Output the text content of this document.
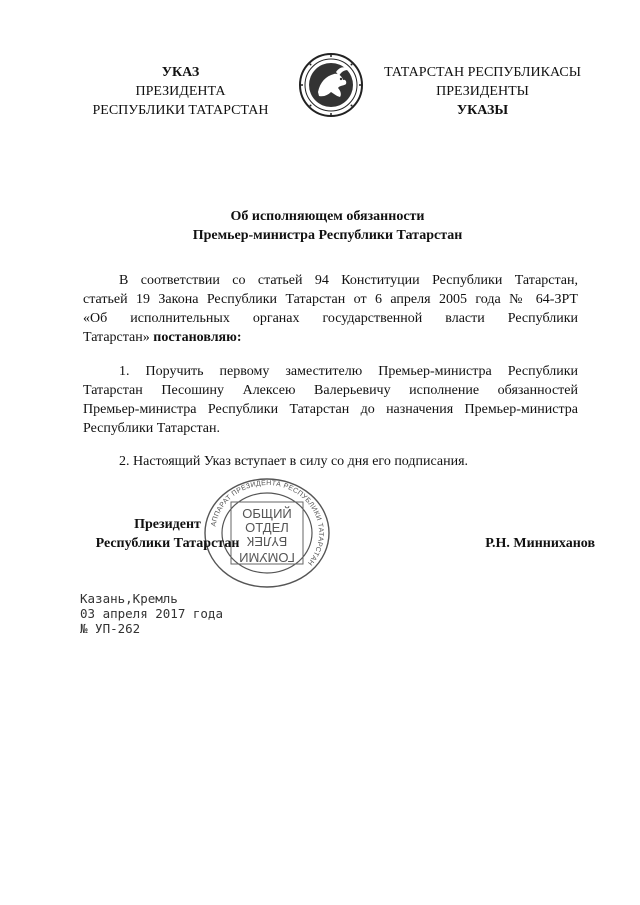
УКАЗ
ПРЕЗИДЕНТА
РЕСПУБЛИКИ ТАТАРСТАН
ТАТАРСТАН РЕСПУБЛИКАСЫ
ПРЕЗИДЕНТЫ
УКАЗЫ
Об исполняющем обязанности
Премьер-министра Республики Татарстан
В соответствии со статьей 94 Конституции Республики Татарстан,
статьей 19 Закона Республики Татарстан от 6 апреля 2005 года № 64-ЗРТ
«Об исполнительных органах государственной власти Республики
Татарстан» постановляю:
1. Поручить первому заместителю Премьер-министра Республики
Татарстан Песошину Алексею Валерьевичу исполнение обязанностей
Премьер-министра Республики Татарстан до назначения Премьер-министра
Республики Татарстан.
2. Настоящий Указ вступает в силу со дня его подписания.
АППАРАТ ПРЕЗИДЕНТА РЕСПУБЛИКИ ТАТАРСТАН
ОБЩИЙ
ОТДЕЛ
БҮЛЕК
ГОМУМИ
Президент
Республики Татарстан	Р.Н. Минниханов
Казань,Кремль
03 апреля 2017 года
№ УП-262
